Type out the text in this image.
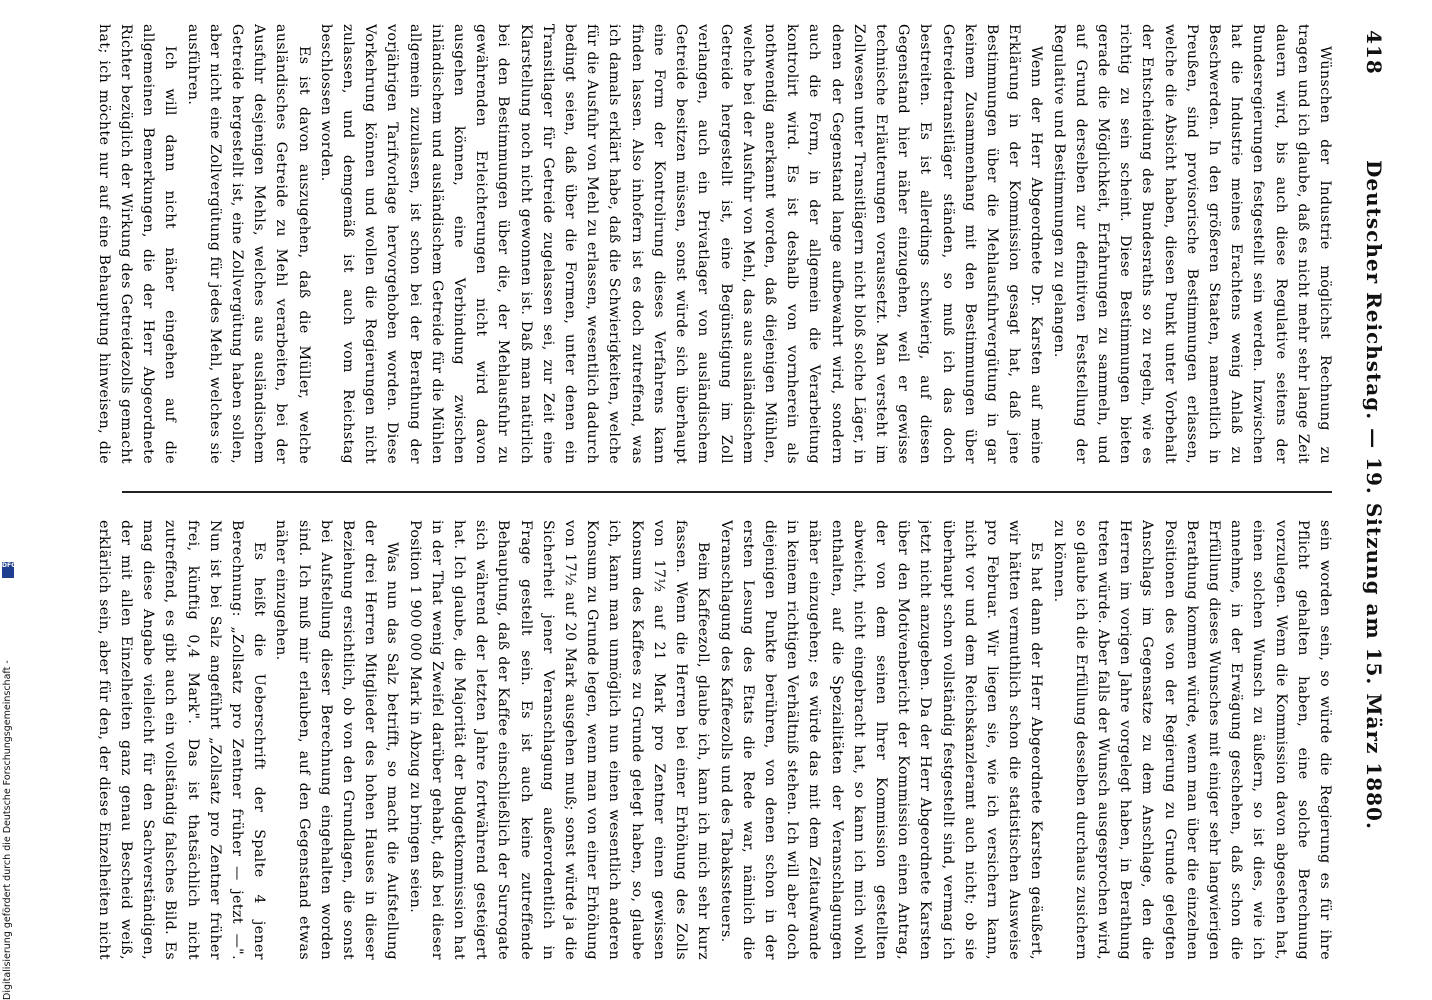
418
Deutscher Reichstag. — 19. Sitzung am 15. März 1880.

Wünschen der Industrie möglichst Rechnung zu tragen und ich glaube, daß es nicht mehr sehr lange Zeit dauern wird, bis auch diese Regulative seitens der Bundesregierungen festgestellt sein werden. Inzwischen hat die Industrie meines Erachtens wenig Anlaß zu Beschwerden. In den größeren Staaten, namentlich in Preußen, sind provisorische Bestimmungen erlassen, welche die Absicht haben, diesen Punkt unter Vorbehalt der Entscheidung des Bundesraths so zu regeln, wie es richtig zu sein scheint. Diese Bestimmungen bieten gerade die Möglichkeit, Erfahrungen zu sammeln, und auf Grund derselben zur definitiven Feststellung der Regulative und Bestimmungen zu gelangen.

Wenn der Herr Abgeordnete Dr. Karsten auf meine Erklärung in der Kommission gesagt hat, daß jene Bestimmungen über die Mehlausfuhrvergütung in gar keinem Zusammenhang mit den Bestimmungen über Getreidetransitläger ständen, so muß ich das doch bestreiten. Es ist allerdings schwierig, auf diesen Gegenstand hier näher einzugehen, weil er gewisse technische Erläuterungen voraussetzt. Man versteht im Zollwesen unter Transitlägern nicht bloß solche Läger, in denen der Gegenstand lange aufbewahrt wird, sondern auch die Form, in der allgemein die Verarbeitung kontrolirt wird. Es ist deshalb von vornherein als nothwendig anerkannt worden, daß diejenigen Mühlen, welche bei der Ausfuhr von Mehl, das aus ausländischem Getreide hergestellt ist, eine Begünstigung im Zoll verlangen, auch ein Privatlager von ausländischem Getreide besitzen müssen, sonst würde sich überhaupt eine Form der Kontrolirung dieses Verfahrens kann finden lassen. Also inhofern ist es doch zutreffend, was ich damals erklärt habe, daß die Schwierigkeiten, welche für die Ausfuhr von Mehl zu erlassen, wesentlich dadurch bedingt seien, daß über die Formen, unter denen ein Transitlager für Getreide zugelassen sei, zur Zeit eine Klarstellung noch nicht gewonnen ist. Daß man natürlich bei den Bestimmungen über die, der Mehlausfuhr zu gewährenden Erleichterungen nicht wird davon ausgehen können, eine Verbindung zwischen inländischem und ausländischem Getreide für die Mühlen allgemein zuzulassen, ist schon bei der Berathung der vorjährigen Tarifvorlage hervorgehoben worden. Diese Vorkehrung können und wollen die Regierungen nicht zulassen, und demgemäß ist auch vom Reichstag beschlossen worden.

Es ist davon auszugehen, daß die Müller, welche ausländisches Getreide zu Mehl verarbeiten, bei der Ausfuhr desjenigen Mehls, welches aus ausländischem Getreide hergestellt ist, eine Zollvergütung haben sollen, aber nicht eine Zollvergütung für jedes Mehl, welches sie ausführen.

Ich will dann nicht näher eingehen auf die allgemeinen Bemerkungen, die der Herr Abgeordnete Richter bezüglich der Wirkung des Getreidezolls gemacht hat; ich möchte nur auf eine Behauptung hinweisen, die

sein worden sein, so würde die Regierung es für ihre Pflicht gehalten haben, eine solche Berechnung vorzulegen. Wenn die Kommission davon abgesehen hat, einen solchen Wunsch zu äußern, so ist dies, wie ich annehme, in der Erwägung geschehen, daß schon die Erfüllung dieses Wunsches mit einiger sehr langwierigen Berathung kommen würde, wenn man über die einzelnen Positionen des von der Regierung zu Grunde gelegten Anschlags im Gegensatze zu dem Anschlage, den die Herren im vorigen Jahre vorgelegt haben, in Berathung treten würde. Aber falls der Wunsch ausgesprochen wird, so glaube ich die Erfüllung desselben durchaus zusichern zu können.

Es hat dann der Herr Abgeordnete Karsten geäußert, wir hätten vermuthlich schon die statistischen Ausweise pro Februar. Wir liegen sie, wie ich versichern kann, nicht vor und dem Reichskanzleramt auch nicht; ob sie überhaupt schon vollständig festgestellt sind, vermag ich jetzt nicht anzugeben. Da der Herr Abgeordnete Karsten über den Motivenbericht der Kommission einen Antrag, der von dem seinen Ihrer Kommission gestellten abweicht, nicht eingebracht hat, so kann ich mich wohl enthalten, auf die Spezialitäten der Veranschlagungen näher einzugehen; es würde das mit dem Zeitaufwande in keinem richtigen Verhältniß stehen. Ich will aber doch diejenigen Punkte berühren, von denen schon in der ersten Lesung des Etats die Rede war, nämlich die Veranschlagung des Kaffeezolls und des Tabakssteuers.

Beim Kaffeezoll, glaube ich, kann ich mich sehr kurz fassen. Wenn die Herren bei einer Erhöhung des Zolls von 17½ auf 21 Mark pro Zentner einen gewissen Konsum des Kaffees zu Grunde gelegt haben, so, glaube ich, kann man unmöglich nun einen wesentlich anderen Konsum zu Grunde legen, wenn man von einer Erhöhung von 17½ auf 20 Mark ausgehen muß; sonst würde ja die Sicherheit jener Veranschlagung außerordentlich in Frage gestellt sein. Es ist auch keine zutreffende Behauptung, daß der Kaffee einschließlich der Surrogate sich während der letzten Jahre fortwährend gesteigert hat. Ich glaube, die Majorität der Budgetkommission hat in der That wenig Zweifel darüber gehabt, daß bei dieser Position 1 900 000 Mark in Abzug zu bringen seien.

Was nun das Salz betrifft, so macht die Aufstellung der drei Herren Mitglieder des hohen Hauses in dieser Beziehung ersichtlich, ob von den Grundlagen, die sonst bei Aufstellung dieser Berechnung eingehalten worden sind. Ich muß mir erlauben, auf den Gegenstand etwas näher einzugehen.

Es heißt die Ueberschrift der Spalte 4 jener Berechnung: „Zollsatz pro Zentner früher — jetzt —". Nun ist bei Salz angeführt „Zollsatz pro Zentner früher frei, künftig 0,4 Mark". Das ist thatsächlich nicht zutreffend, es gibt auch ein vollständig falsches Bild. Es mag diese Angabe vielleicht für den Sachverständigen, der mit allen Einzelheiten ganz genau Bescheid weiß, erklärlich sein, aber für den, der diese Einzelheiten nicht

DFG
Digitalisierung gefördert durch die Deutsche Forschungsgemeinschaft -
